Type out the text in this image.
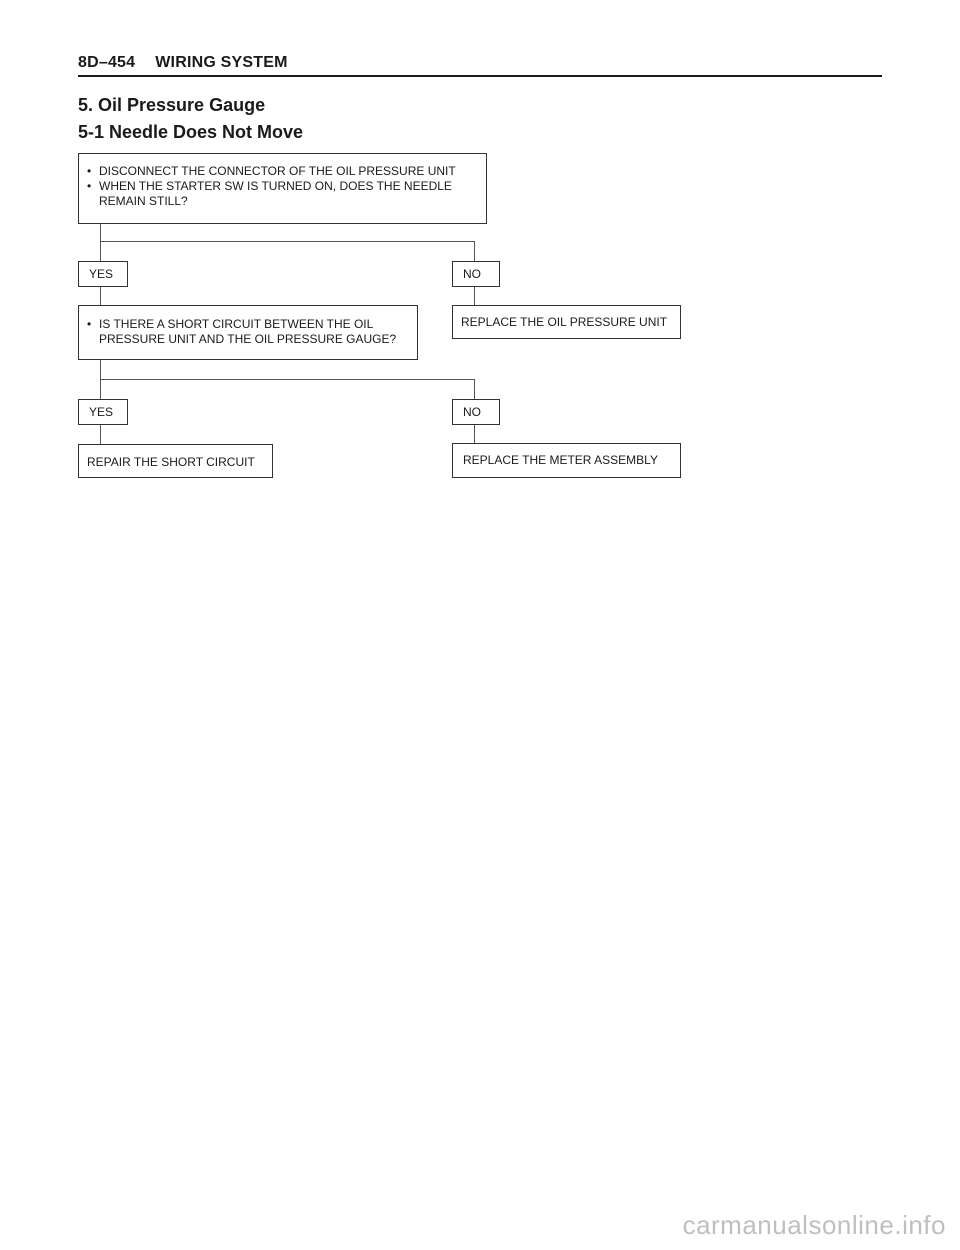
8D–454 WIRING SYSTEM
5. Oil Pressure Gauge
5-1 Needle Does Not Move
• DISCONNECT THE CONNECTOR OF THE OIL PRESSURE UNIT
• WHEN THE STARTER SW IS TURNED ON, DOES THE NEEDLE REMAIN STILL?
YES	NO
REPLACE THE OIL PRESSURE UNIT
• IS THERE A SHORT CIRCUIT BETWEEN THE OIL PRESSURE UNIT AND THE OIL PRESSURE GAUGE?
YES	NO
REPAIR THE SHORT CIRCUIT	REPLACE THE METER ASSEMBLY
carmanualsonline.info
